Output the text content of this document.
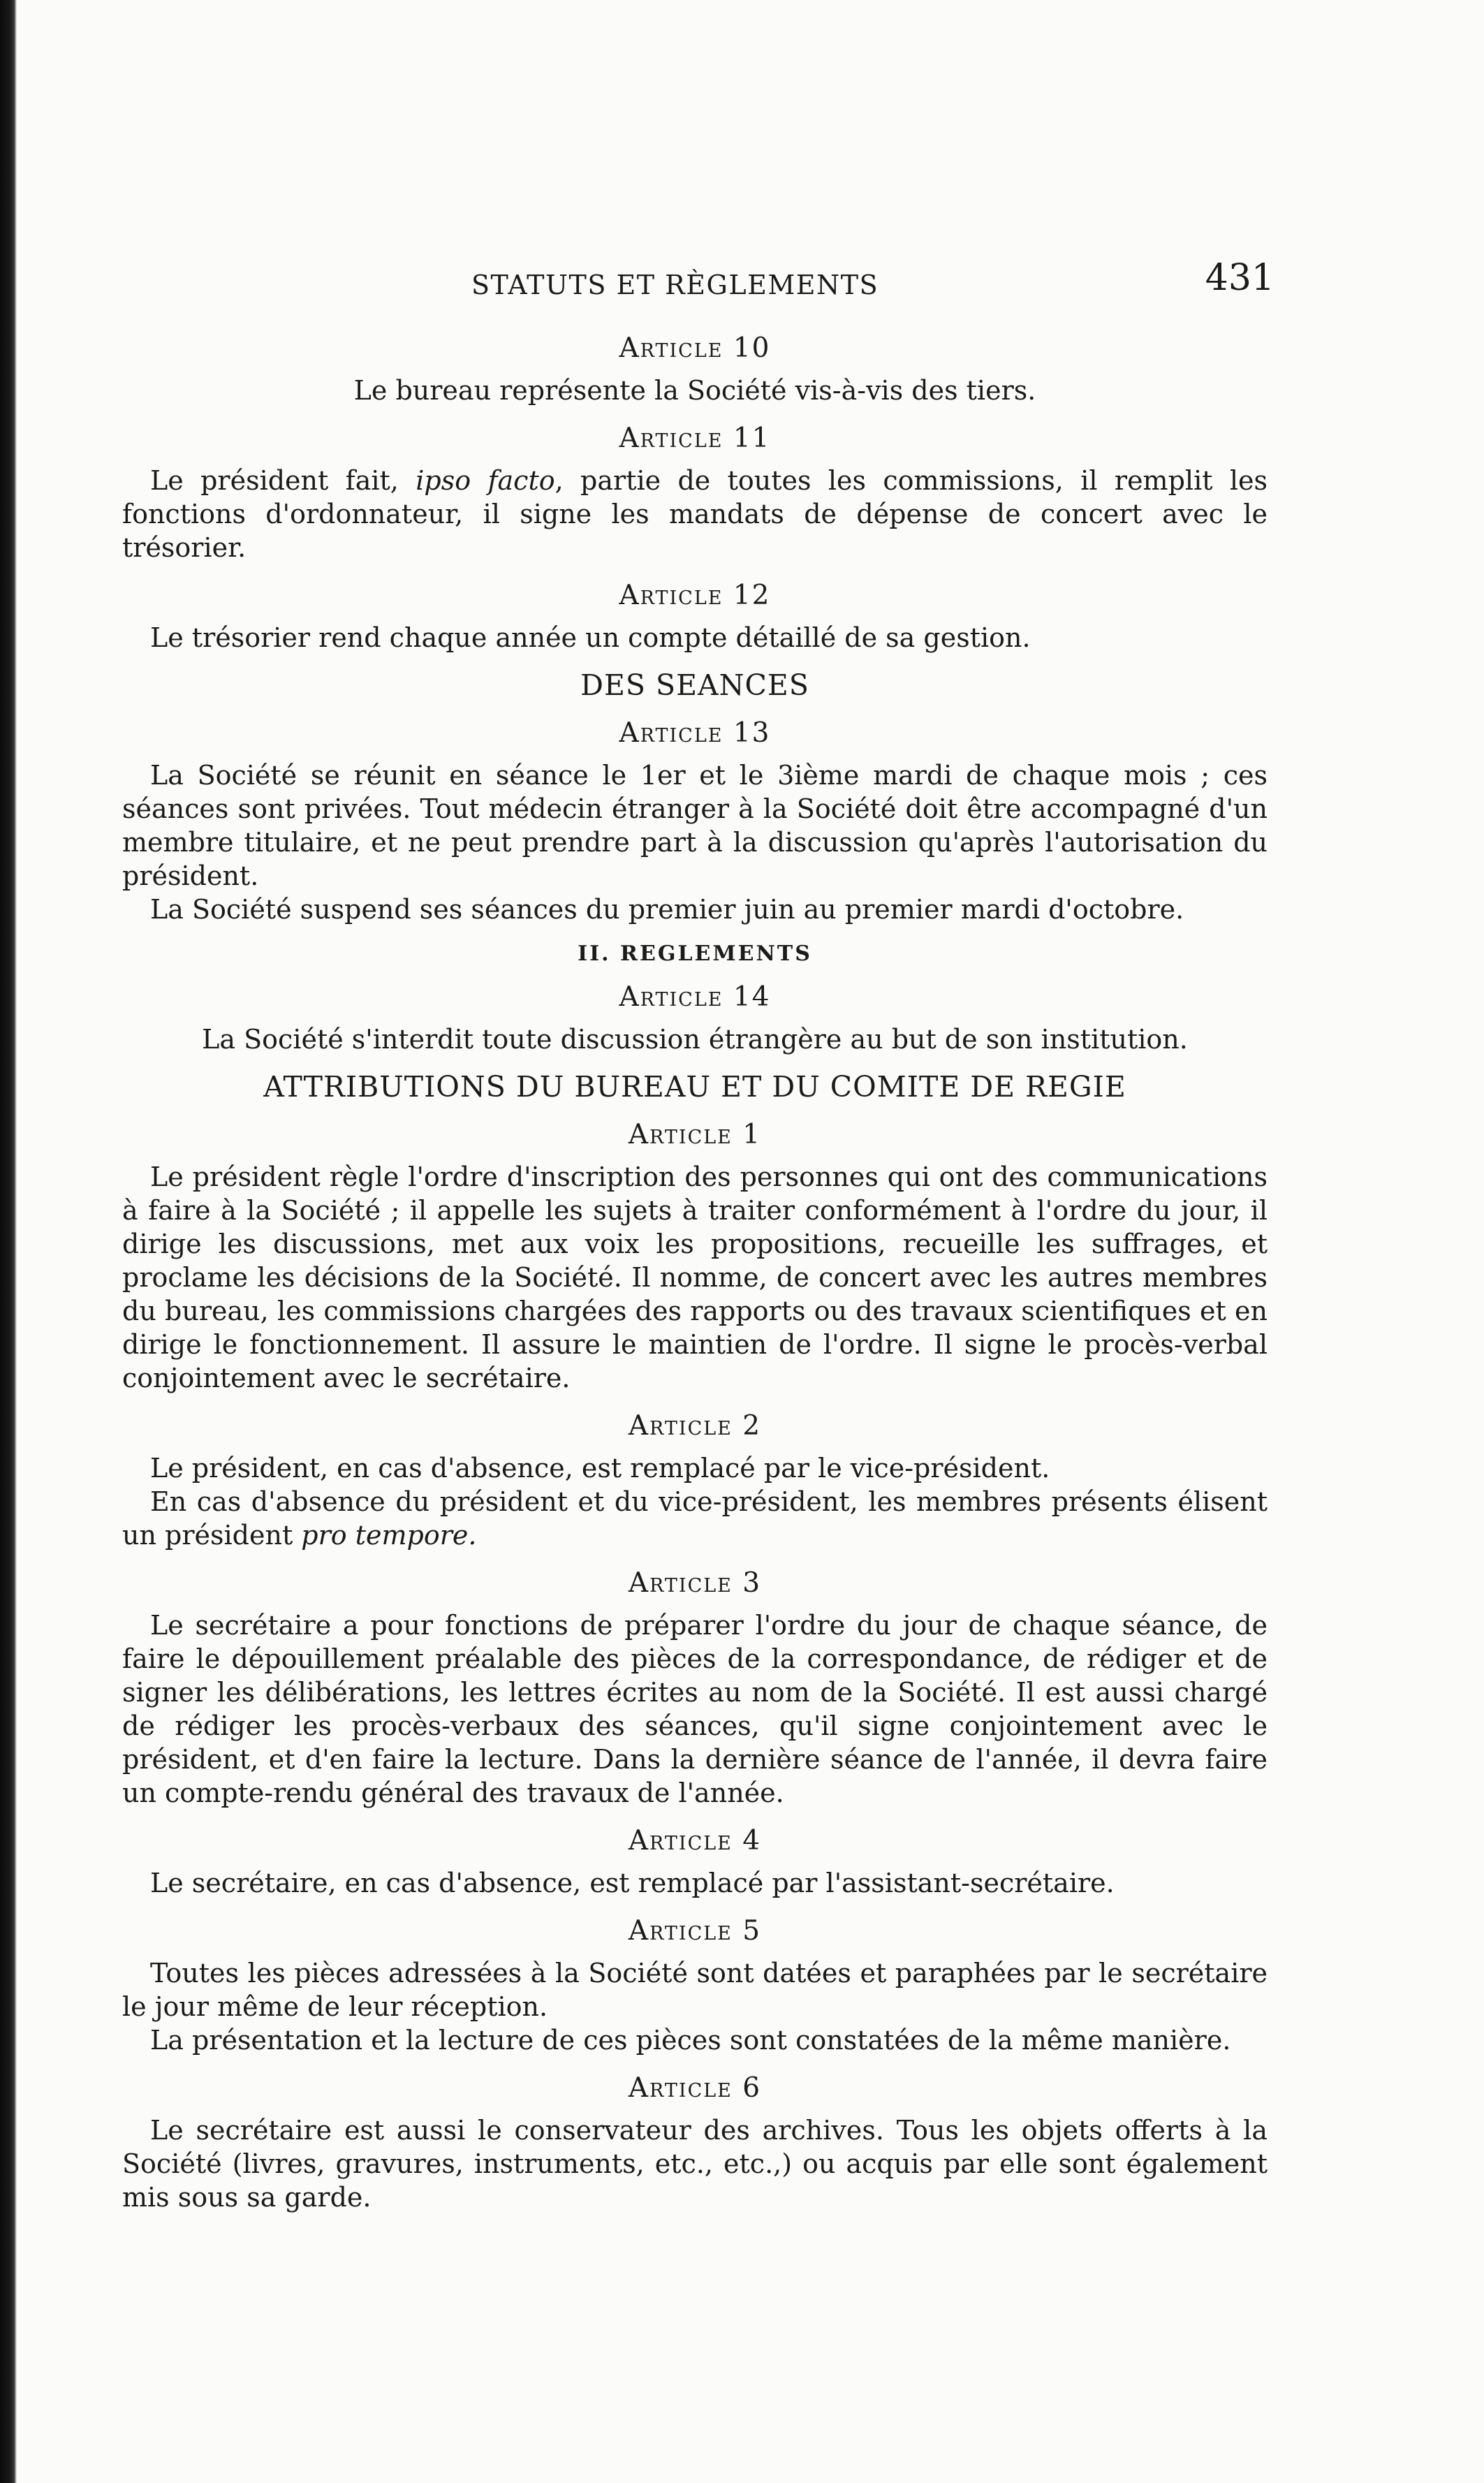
STATUTS ET RÈGLEMENTS	431
Article 10

Le bureau représente la Société vis-à-vis des tiers.

Article 11

Le président fait, ipso facto, partie de toutes les commissions, il remplit les fonctions d'ordonnateur, il signe les mandats de dépense de concert avec le trésorier.

Article 12

Le trésorier rend chaque année un compte détaillé de sa gestion.

DES SEANCES
Article 13

La Société se réunit en séance le 1er et le 3ième mardi de chaque mois ; ces séances sont privées. Tout médecin étranger à la Société doit être accompagné d'un membre titulaire, et ne peut prendre part à la discussion qu'après l'autorisation du président.

La Société suspend ses séances du premier juin au premier mardi d'octobre.

II. REGLEMENTS
Article 14

La Société s'interdit toute discussion étrangère au but de son institution.

ATTRIBUTIONS DU BUREAU ET DU COMITE DE REGIE
Article 1

Le président règle l'ordre d'inscription des personnes qui ont des communications à faire à la Société ; il appelle les sujets à traiter conformément à l'ordre du jour, il dirige les discussions, met aux voix les propositions, recueille les suffrages, et proclame les décisions de la Société. Il nomme, de concert avec les autres membres du bureau, les commissions chargées des rapports ou des travaux scientifiques et en dirige le fonctionnement. Il assure le maintien de l'ordre. Il signe le procès-verbal conjointement avec le secrétaire.

Article 2

Le président, en cas d'absence, est remplacé par le vice-président.

En cas d'absence du président et du vice-président, les membres présents élisent un président pro tempore.

Article 3

Le secrétaire a pour fonctions de préparer l'ordre du jour de chaque séance, de faire le dépouillement préalable des pièces de la correspondance, de rédiger et de signer les délibérations, les lettres écrites au nom de la Société. Il est aussi chargé de rédiger les procès-verbaux des séances, qu'il signe conjointement avec le président, et d'en faire la lecture. Dans la dernière séance de l'année, il devra faire un compte-rendu général des travaux de l'année.

Article 4

Le secrétaire, en cas d'absence, est remplacé par l'assistant-secrétaire.

Article 5

Toutes les pièces adressées à la Société sont datées et paraphées par le secrétaire le jour même de leur réception.

La présentation et la lecture de ces pièces sont constatées de la même manière.

Article 6

Le secrétaire est aussi le conservateur des archives. Tous les objets offerts à la Société (livres, gravures, instruments, etc., etc.,) ou acquis par elle sont également mis sous sa garde.
